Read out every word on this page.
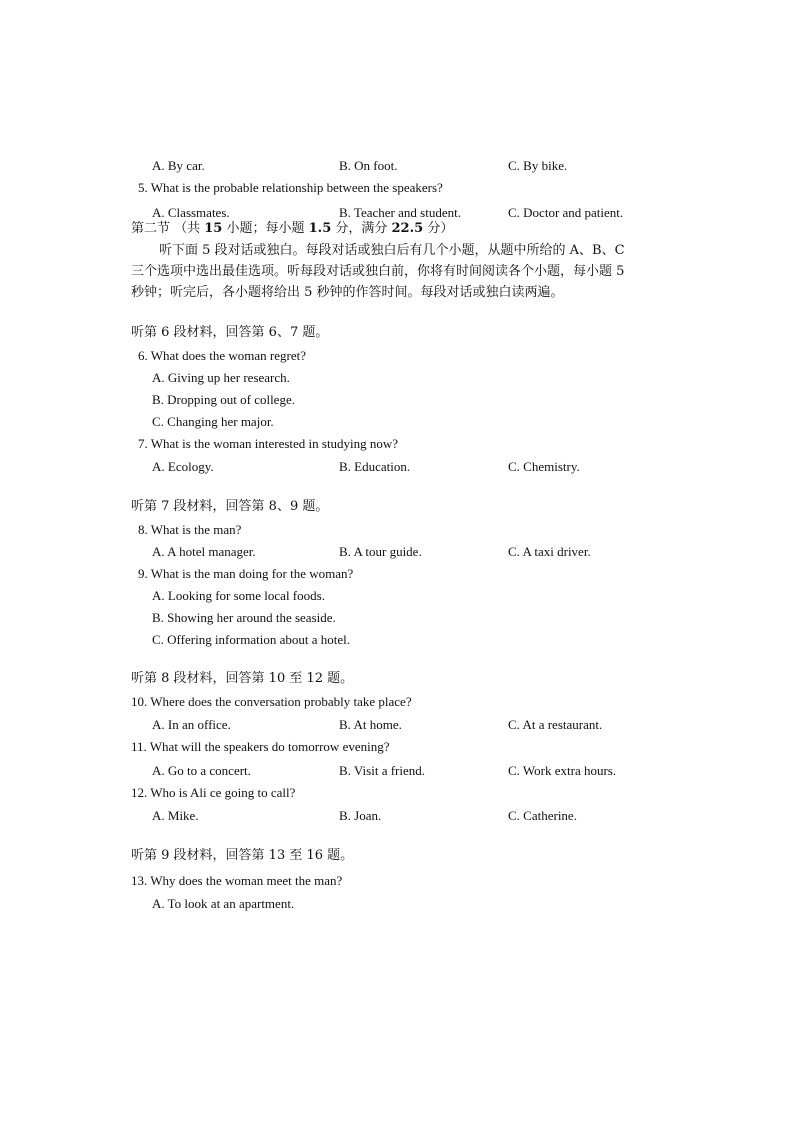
A. By car.	B. On foot.	C. By bike.
5. What is the probable relationship between the speakers?
A. Classmates.	B. Teacher and student.	C. Doctor and patient.
第二节 （共 15 小题；每小题 1.5 分，满分 22.5 分）
听下面 5 段对话或独白。每段对话或独白后有几个小题，从题中所给的 A、B、C
三个选项中选出最佳选项。听每段对话或独白前，你将有时间阅读各个小题，每小题 5
秒钟；听完后，各小题将给出 5 秒钟的作答时间。每段对话或独白读两遍。
听第 6 段材料，回答第 6、7 题。
6. What does the woman regret?
A. Giving up her research.
B. Dropping out of college.
C. Changing her major.
7. What is the woman interested in studying now?
A. Ecology.	B. Education.	C. Chemistry.
听第 7 段材料，回答第 8、9 题。
8. What is the man?
A. A hotel manager.	B. A tour guide.	C. A taxi driver.
9. What is the man doing for the woman?
A. Looking for some local foods.
B. Showing her around the seaside.
C. Offering information about a hotel.
听第 8 段材料，回答第 10 至 12 题。
10. Where does the conversation probably take place?
A. In an office.	B. At home.	C. At a restaurant.
11. What will the speakers do tomorrow evening?
A. Go to a concert.	B. Visit a friend.	C. Work extra hours.
12. Who is Ali ce going to call?
A. Mike.	B. Joan.	C. Catherine.
听第 9 段材料，回答第 13 至 16 题。
13. Why does the woman meet the man?
A. To look at an apartment.
